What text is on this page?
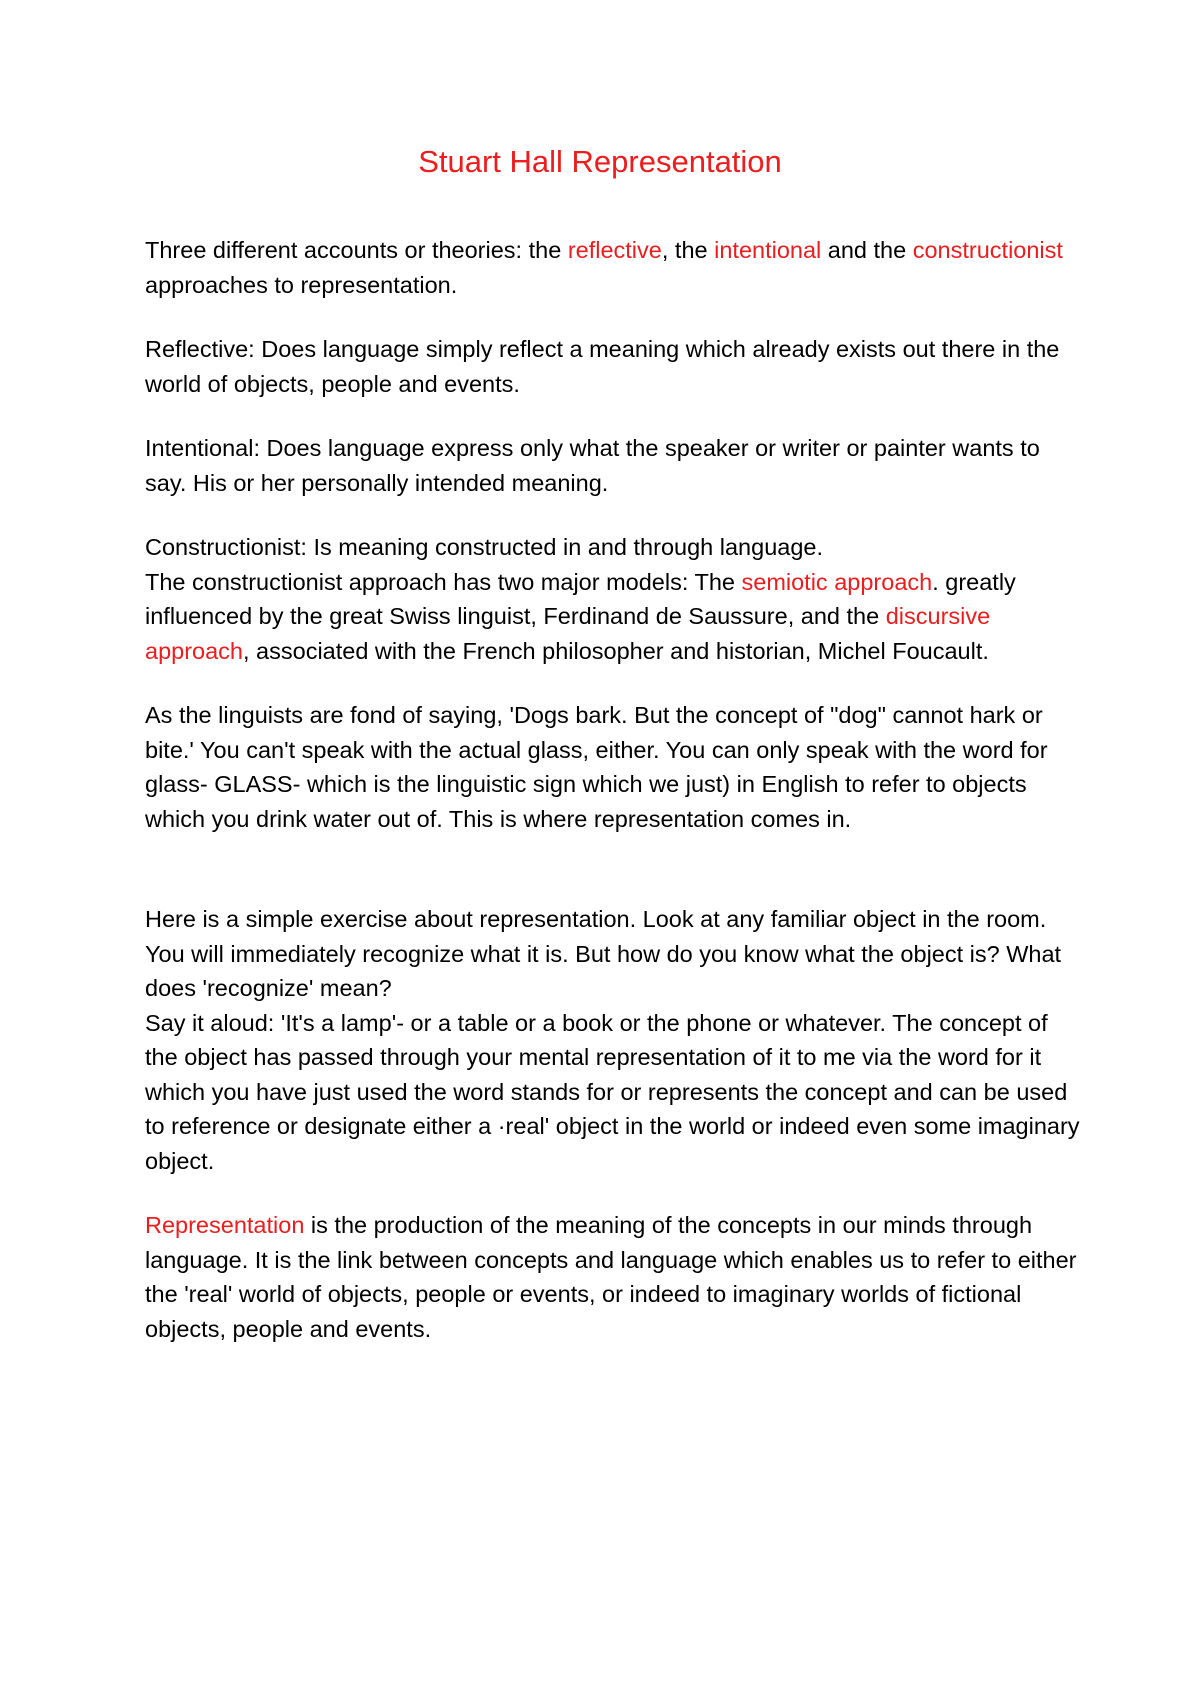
Stuart Hall Representation

Three different accounts or theories: the reflective, the intentional and the constructionist approaches to representation.

Reflective: Does language simply reflect a meaning which already exists out there in the world of objects, people and events.

Intentional: Does language express only what the speaker or writer or painter wants to say. His or her personally intended meaning.

Constructionist: Is meaning constructed in and through language.

The constructionist approach has two major models: The semiotic approach. greatly influenced by the great Swiss linguist, Ferdinand de Saussure, and the discursive approach, associated with the French philosopher and historian, Michel Foucault.

As the linguists are fond of saying, 'Dogs bark. But the concept of "dog" cannot hark or bite.' You can't speak with the actual glass, either. You can only speak with the word for glass- GLASS- which is the linguistic sign which we just) in English to refer to objects which you drink water out of. This is where representation comes in.

Here is a simple exercise about representation. Look at any familiar object in the room. You will immediately recognize what it is. But how do you know what the object is? What does 'recognize' mean?

Say it aloud: 'It's a lamp'- or a table or a book or the phone or whatever. The concept of the object has passed through your mental representation of it to me via the word for it which you have just used the word stands for or represents the concept and can be used to reference or designate either a ·real' object in the world or indeed even some imaginary object.

Representation is the production of the meaning of the concepts in our minds through language. It is the link between concepts and language which enables us to refer to either the 'real' world of objects, people or events, or indeed to imaginary worlds of fictional objects, people and events.
